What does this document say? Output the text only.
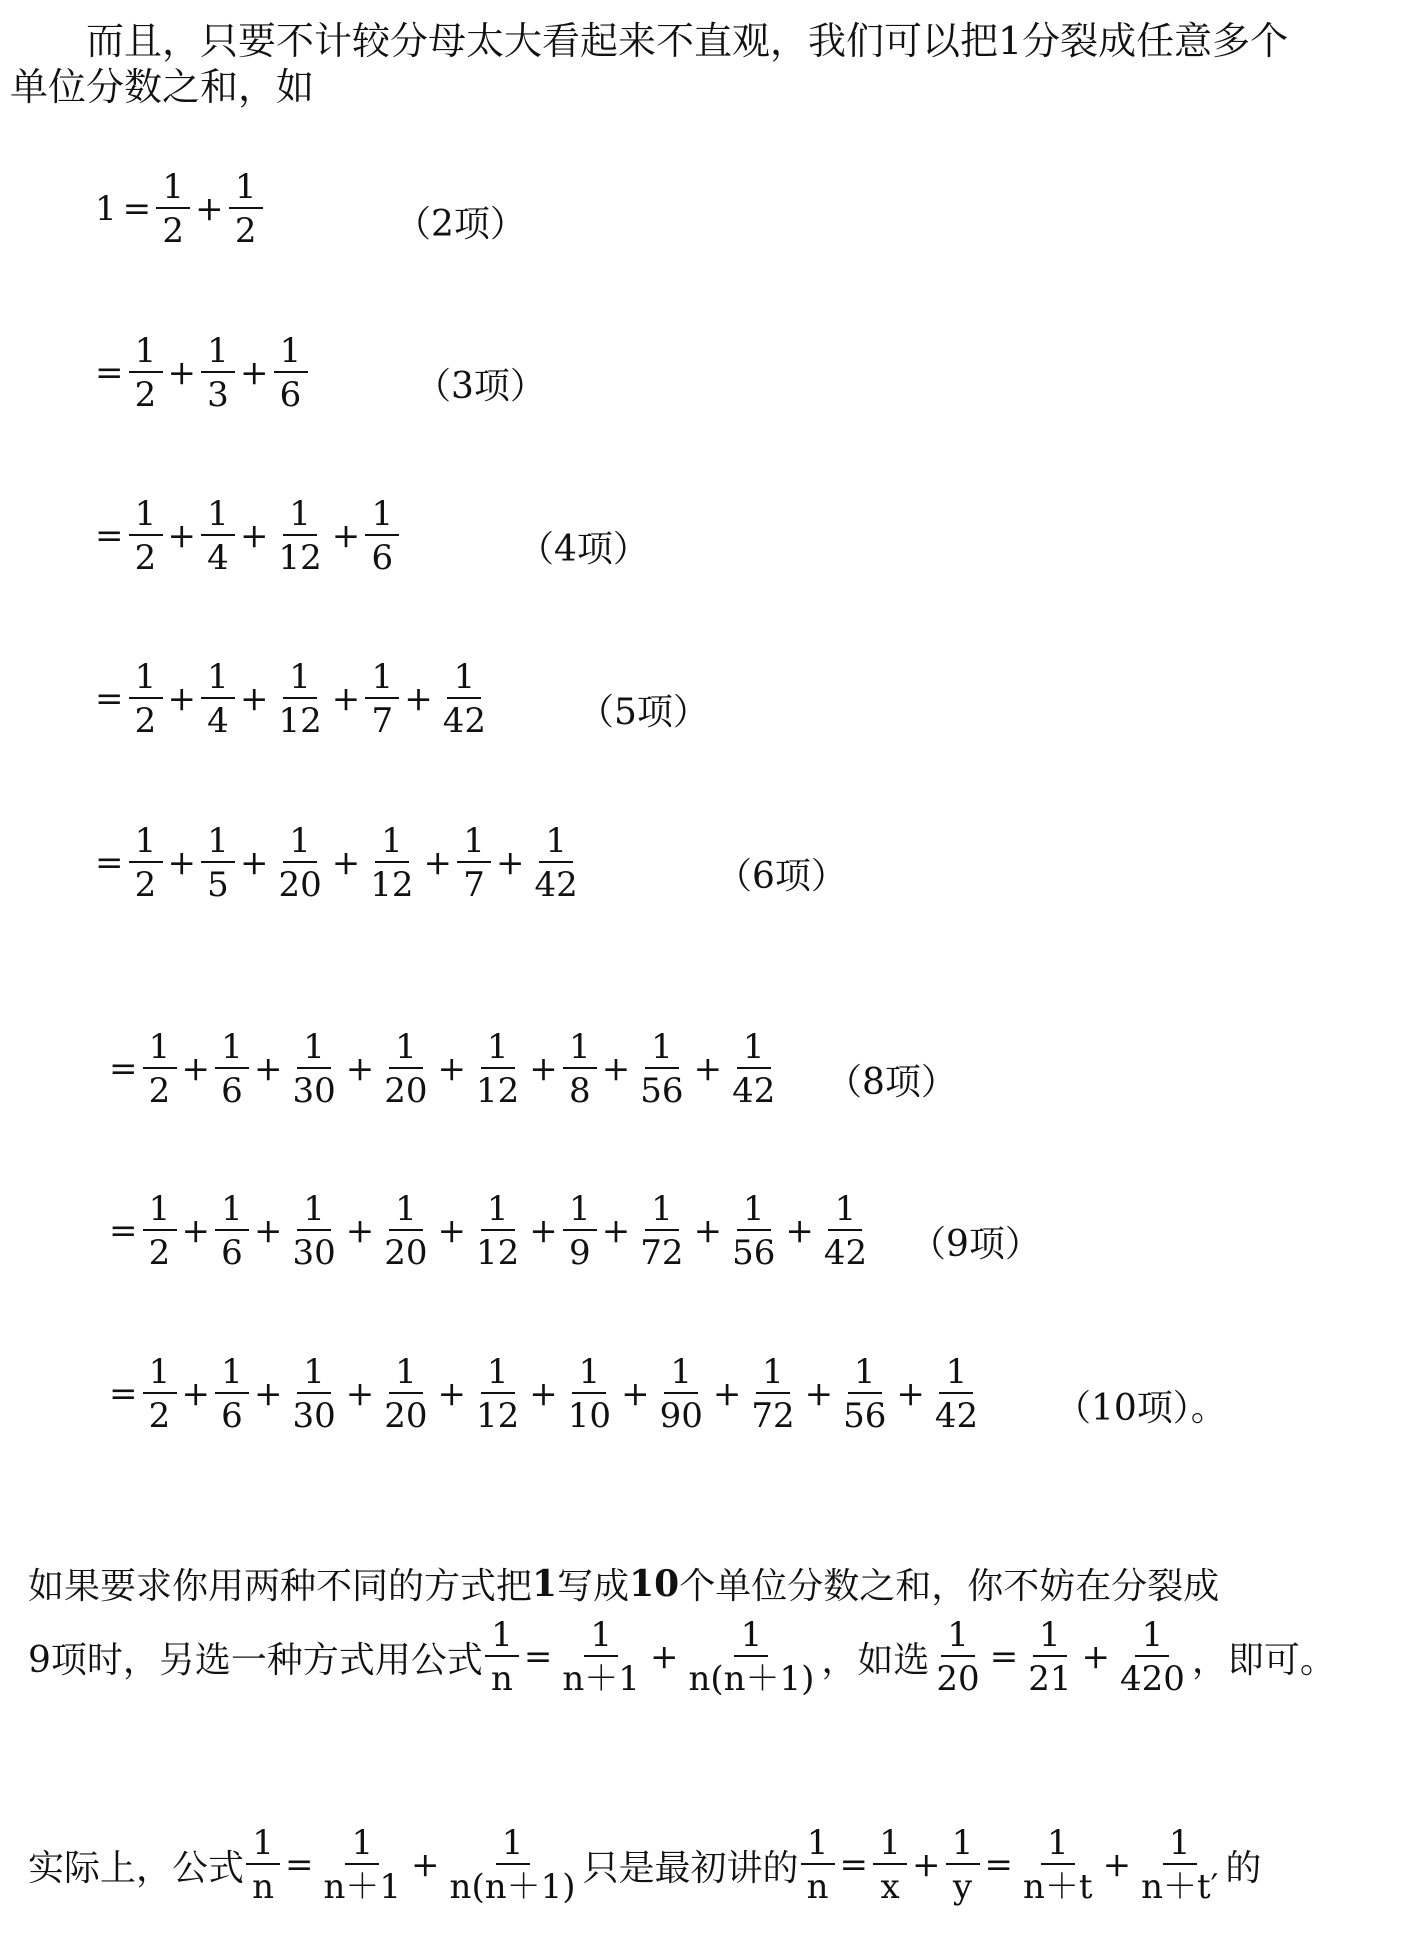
而且，只要不计较分母太大看起来不直观，我们可以把1分裂成任意多个
单位分数之和，如
$1 = \frac{1}{2} + \frac{1}{2}$	（2项）
= $\frac{1}{2} + \frac{1}{3} + \frac{1}{6}$	（3项）
= $\frac{1}{2} + \frac{1}{4} + \frac{1}{12} + \frac{1}{6}$	（4项）
= $\frac{1}{2} + \frac{1}{4} + \frac{1}{12} + \frac{1}{7} + \frac{1}{42} (5$项）
= $\frac{1}{2} + \frac{1}{5} + \frac{1}{20} + \frac{1}{12} + \frac{1}{7} + \frac{1}{42}$	（6项）
= $\frac{1}{2} + \frac{1}{6} + \frac{1}{30} + \frac{1}{20} + \frac{1}{12} + \frac{1}{8} + \frac{1}{56} + \frac{1}{42} (8$项）
= $\frac{1}{2} + \frac{1}{6} + \frac{1}{30} + \frac{1}{20} + \frac{1}{12} + \frac{1}{9} + \frac{1}{72} + \frac{1}{56} + \frac{1}{42} (9$项）
= $\frac{1}{2} + \frac{1}{6} + \frac{1}{30} + \frac{1}{20} + \frac{1}{12} + \frac{1}{10} + \frac{1}{90} + \frac{1}{72} + \frac{1}{56} + \frac{1}{42} (10$项）。
如果要求你用两种不同的方式把 1 写成 10 个单位分数之和，你不妨在分裂成
9项时，另选一种方式用公式 $\frac{1}{n} = \frac{1}{n+1} + \frac{1}{n(n+1)}$ ，如选 $\frac{1}{20} = \frac{1}{21} + \frac{1}{420}$ ，即可。
实际上，公式 $\frac{1}{n} = \frac{1}{n+1} + \frac{1}{n(n+1)}$ 只是最初讲的 $\frac{1}{n} = \frac{1}{x} + \frac{1}{y} = \frac{1}{n+t} + \frac{1}{n+t'}$ 的
